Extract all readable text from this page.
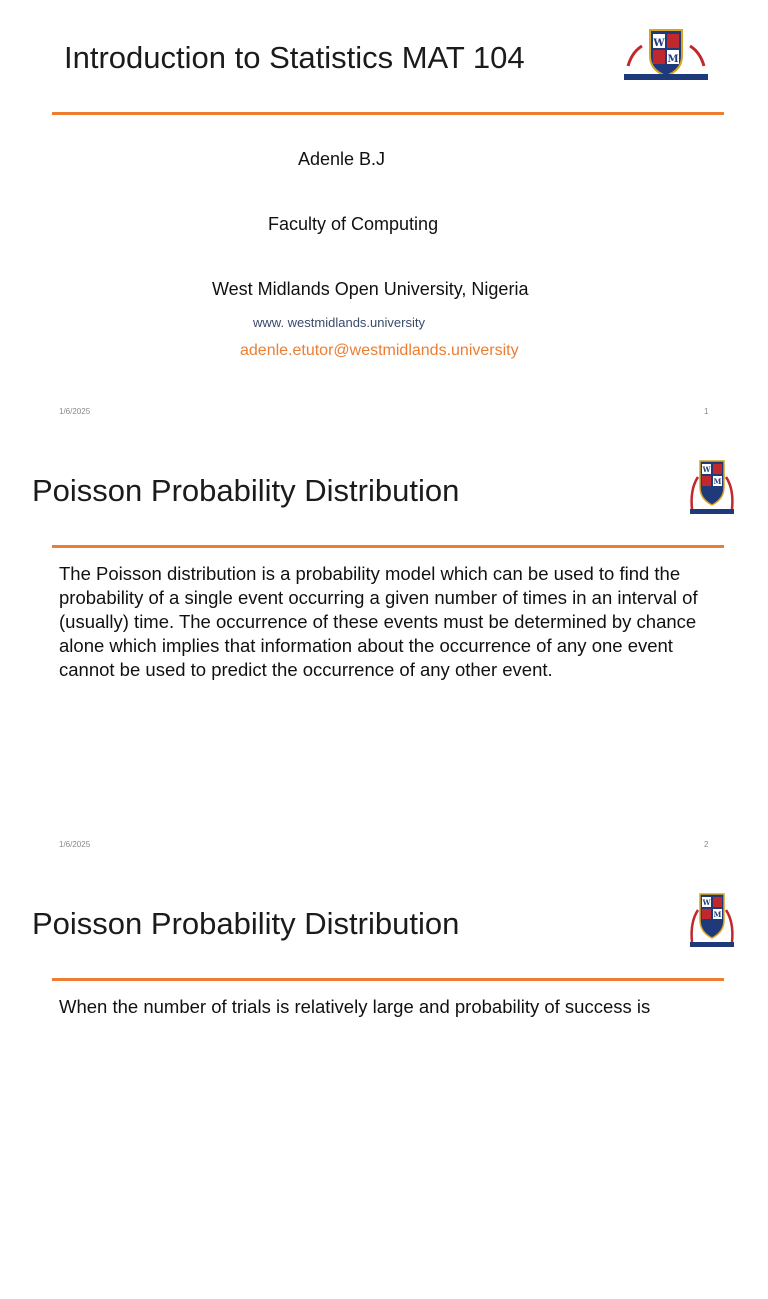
Introduction to Statistics MAT 104	W
M
Adenle B.J
Faculty of Computing
West Midlands Open University, Nigeria
www. westmidlands.university
adenle.etutor@westmidlands.university
1/6/2025	1
Poisson Probability Distribution
W
M
The Poisson distribution is a probability model which can be used to find the probability of a single event occurring a given number of times in an interval of (usually) time. The occurrence of these events must be determined by chance alone which implies that information about the occurrence of any one event cannot be used to predict the occurrence of any other event.
1/6/2025	2
Poisson Probability Distribution
W
M
When the number of trials is relatively large and probability of success is
